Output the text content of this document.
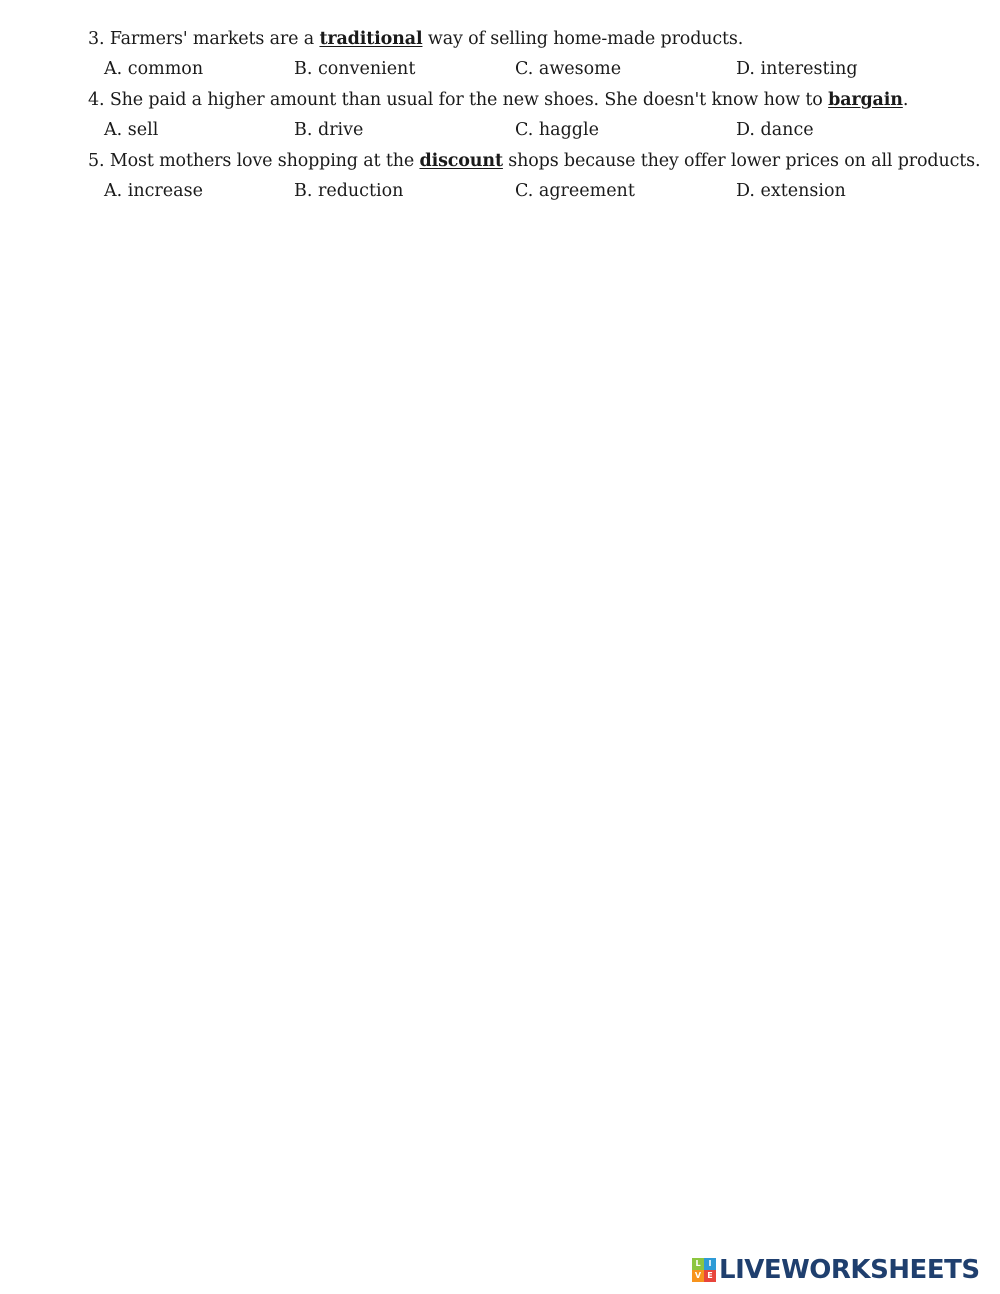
3. Farmers' markets are a traditional way of selling home-made products.
A. common	B. convenient	C. awesome	D. interesting
4. She paid a higher amount than usual for the new shoes. She doesn't know how to bargain.
A. sell	B. drive	C. haggle	D. dance
5. Most mothers love shopping at the discount shops because they offer lower prices on all products.
A. increase	B. reduction	C. agreement	D. extension
L I
V E LIVEWORKSHEETS
